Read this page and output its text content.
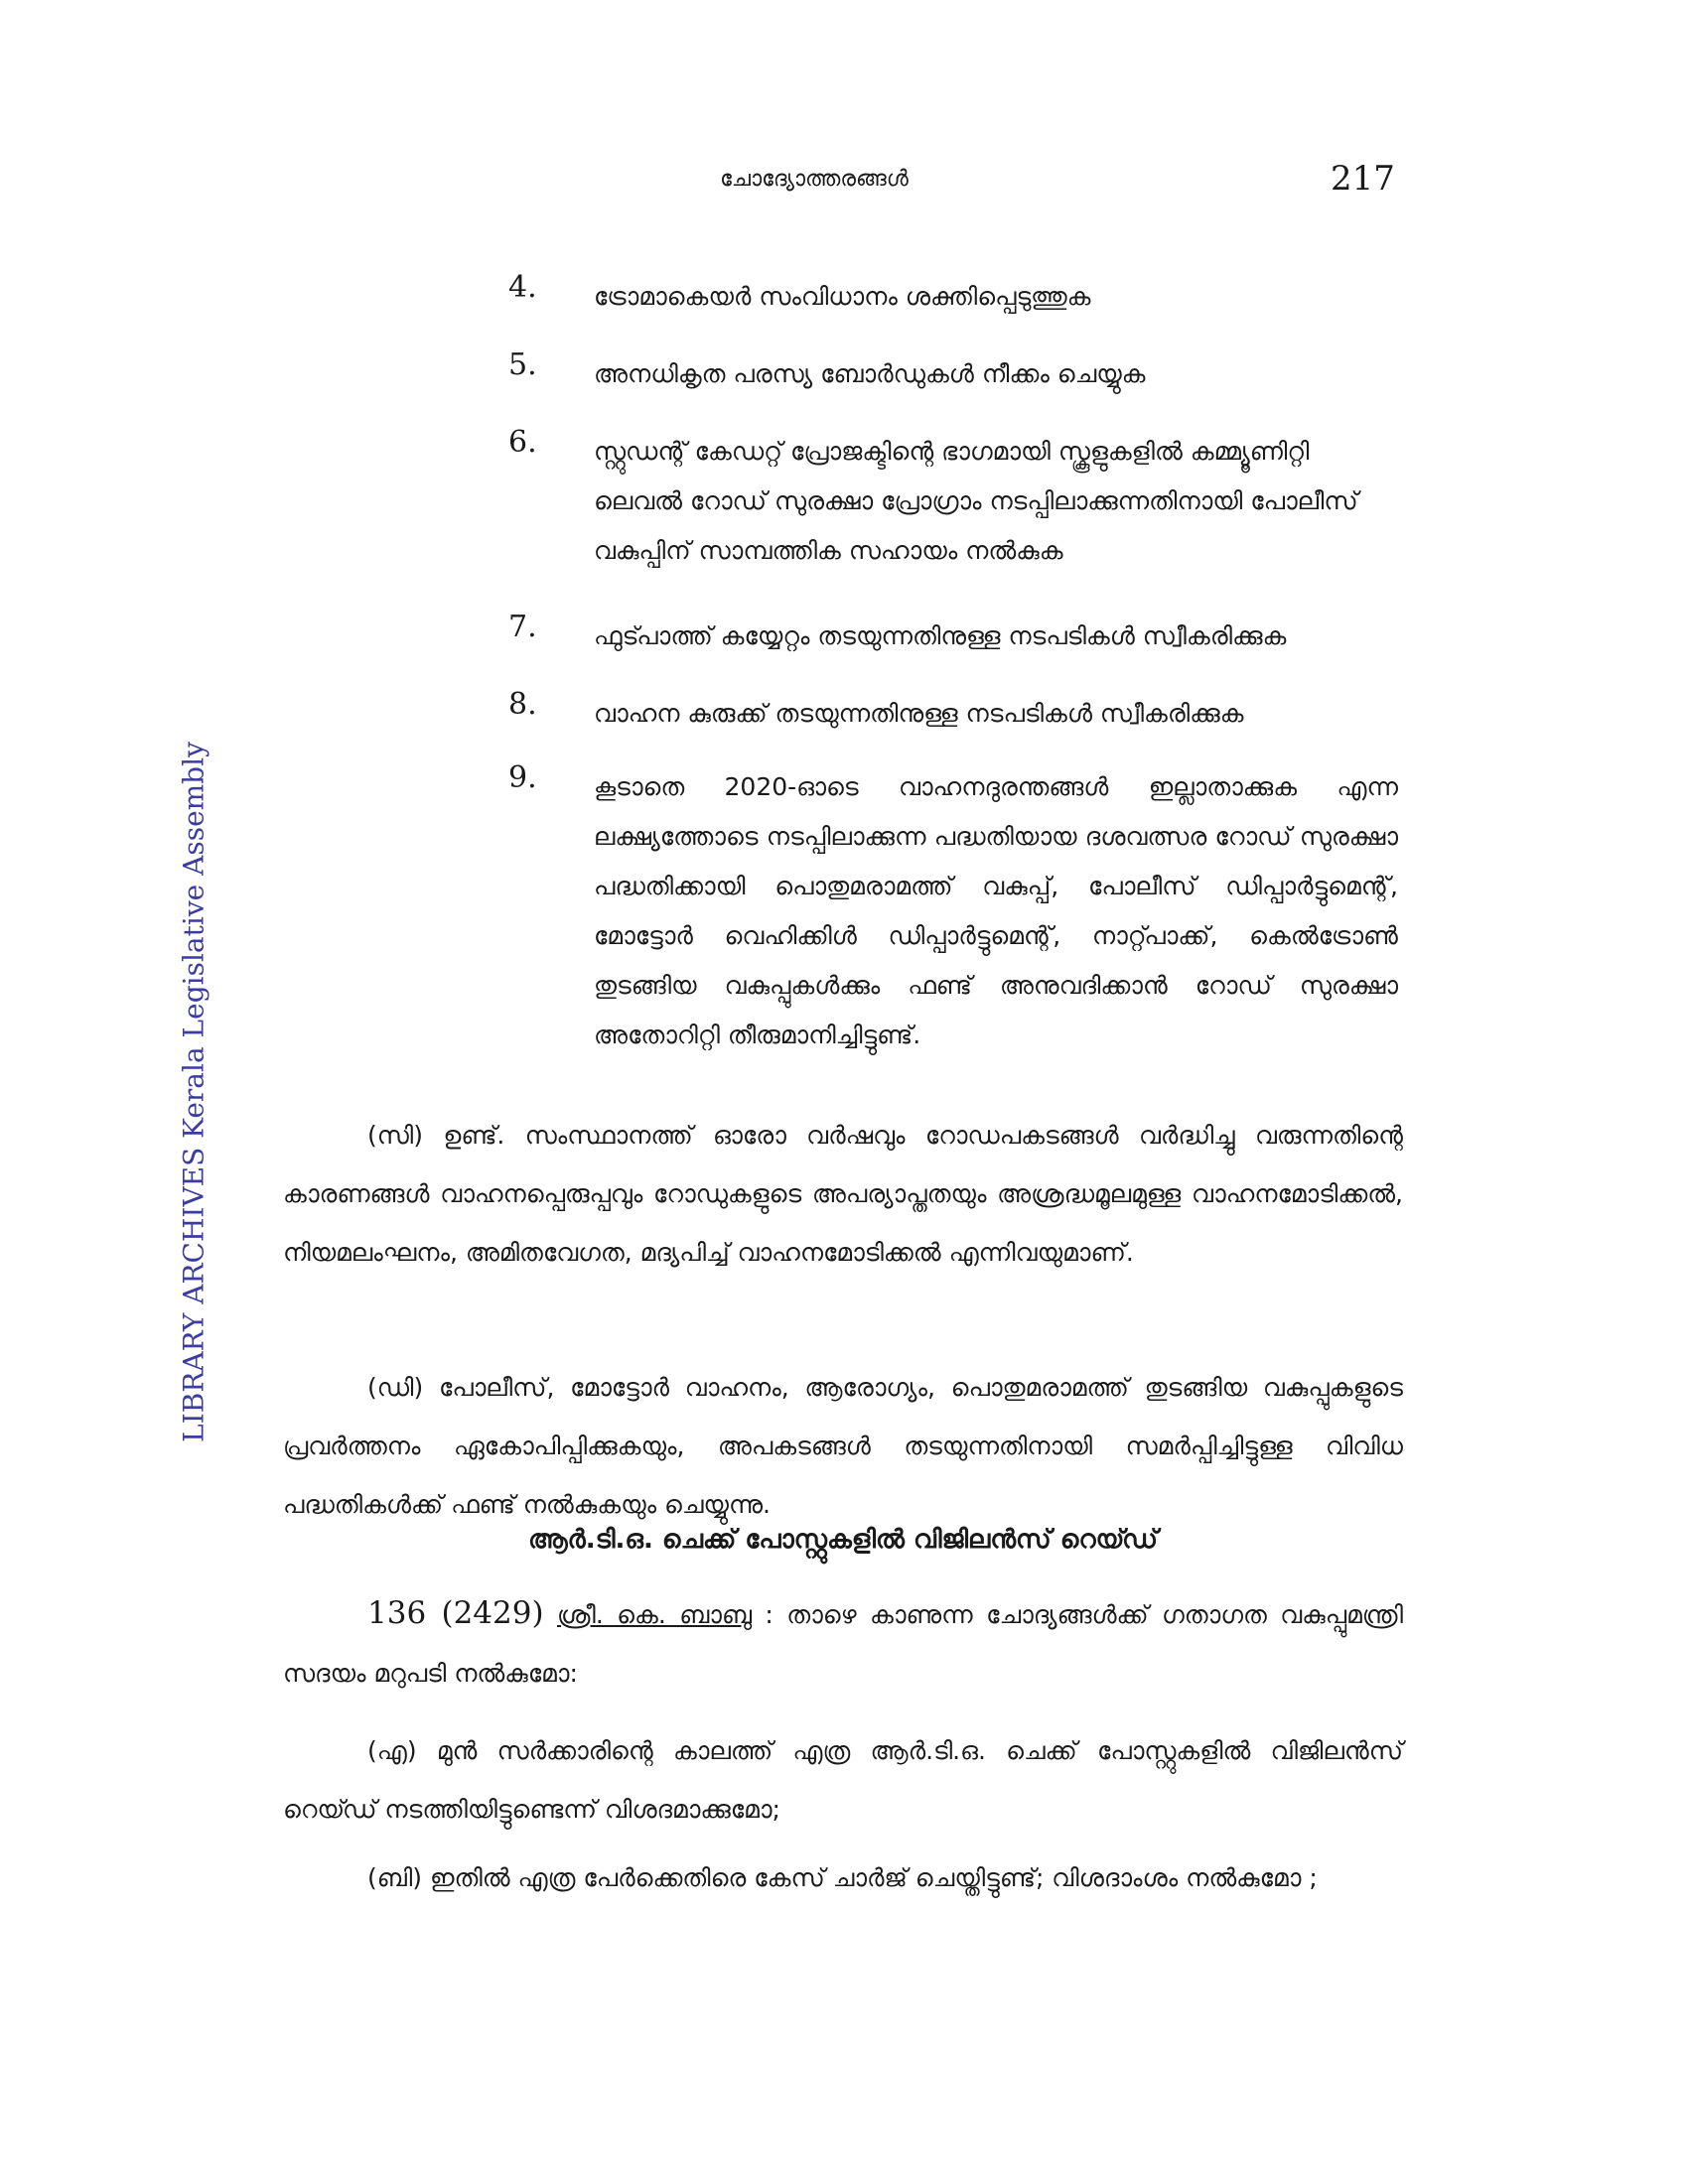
ചോദ്യോത്തരങ്ങൾ	217
LIBRARY ARCHIVES Kerala Legislative Assembly
4. ട്രോമാകെയർ സംവിധാനം ശക്തിപ്പെടുത്തുക
5. അനധികൃത പരസ്യ ബോർഡുകൾ നീക്കം ചെയ്യുക
6. സ്റ്റുഡന്റ് കേഡറ്റ് പ്രോജക്ടിന്റെ ഭാഗമായി സ്കൂളുകളിൽ കമ്മ്യൂണിറ്റി ലെവൽ റോഡ് സുരക്ഷാ പ്രോഗ്രാം നടപ്പിലാക്കുന്നതിനായി പോലീസ് വകുപ്പിന് സാമ്പത്തിക സഹായം നൽകുക
7. ഫുട്പാത്ത് കയ്യേറ്റം തടയുന്നതിനുള്ള നടപടികൾ സ്വീകരിക്കുക
8. വാഹന കുരുക്ക് തടയുന്നതിനുള്ള നടപടികൾ സ്വീകരിക്കുക
9. കൂടാതെ 2020-ഓടെ വാഹനദുരന്തങ്ങൾ ഇല്ലാതാക്കുക എന്ന ലക്ഷ്യത്തോടെ നടപ്പിലാക്കുന്ന പദ്ധതിയായ ദശവത്സര റോഡ് സുരക്ഷാ പദ്ധതിക്കായി പൊതുമരാമത്ത് വകുപ്പ്, പോലീസ് ഡിപ്പാർട്ടുമെന്റ്, മോട്ടോർ വെഹിക്കിൾ ഡിപ്പാർട്ടുമെന്റ്, നാറ്റ്പാക്ക്, കെൽട്രോൺ തുടങ്ങിയ വകുപ്പുകൾക്കും ഫണ്ട് അനുവദിക്കാൻ റോഡ് സുരക്ഷാ അതോറിറ്റി തീരുമാനിച്ചിട്ടുണ്ട്.
(സി) ഉണ്ട്. സംസ്ഥാനത്ത് ഓരോ വർഷവും റോഡപകടങ്ങൾ വർദ്ധിച്ചു വരുന്നതിന്റെ കാരണങ്ങൾ വാഹനപ്പെരുപ്പവും റോഡുകളുടെ അപര്യാപ്തതയും അശ്രദ്ധമൂലമുള്ള വാഹനമോടിക്കൽ, നിയമലംഘനം, അമിതവേഗത, മദ്യപിച്ച് വാഹനമോടിക്കൽ എന്നിവയുമാണ്.
(ഡി) പോലീസ്, മോട്ടോർ വാഹനം, ആരോഗ്യം, പൊതുമരാമത്ത് തുടങ്ങിയ വകുപ്പുകളുടെ പ്രവർത്തനം ഏകോപിപ്പിക്കുകയും, അപകടങ്ങൾ തടയുന്നതിനായി സമർപ്പിച്ചിട്ടുള്ള വിവിധ പദ്ധതികൾക്ക് ഫണ്ട് നൽകുകയും ചെയ്യുന്നു.
ആർ.ടി.ഒ. ചെക്ക് പോസ്റ്റുകളിൽ വിജിലൻസ് റെയ്ഡ്
136 (2429) ശ്രീ. കെ. ബാബു : താഴെ കാണുന്ന ചോദ്യങ്ങൾക്ക് ഗതാഗത വകുപ്പുമന്ത്രി സദയം മറുപടി നൽകുമോ:
(എ) മുൻ സർക്കാരിന്റെ കാലത്ത് എത്ര ആർ.ടി.ഒ. ചെക്ക് പോസ്റ്റുകളിൽ വിജിലൻസ് റെയ്ഡ് നടത്തിയിട്ടുണ്ടെന്ന് വിശദമാക്കുമോ;
(ബി) ഇതിൽ എത്ര പേർക്കെതിരെ കേസ് ചാർജ് ചെയ്തിട്ടുണ്ട്; വിശദാംശം നൽകുമോ ;
